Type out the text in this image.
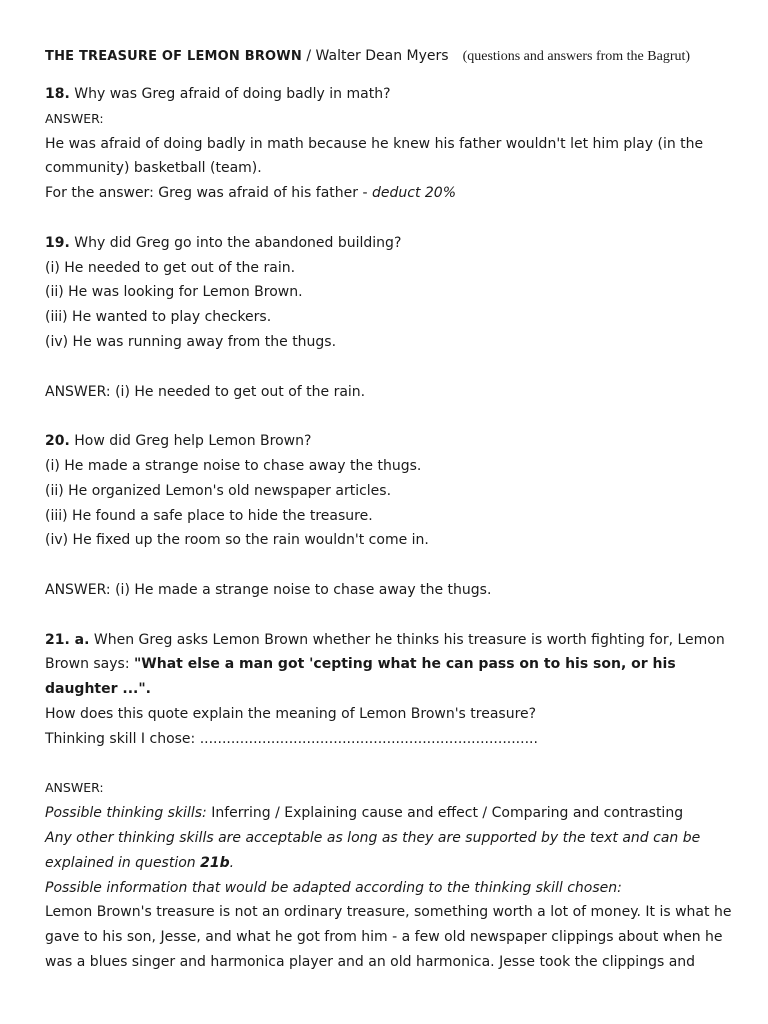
THE TREASURE OF LEMON BROWN / Walter Dean Myers (questions and answers from the Bagrut)
18. Why was Greg afraid of doing badly in math?
ANSWER:
He was afraid of doing badly in math because he knew his father wouldn't let him play (in the
community) basketball (team).
For the answer: Greg was afraid of his father - deduct 20%
19. Why did Greg go into the abandoned building?
(i) He needed to get out of the rain.
(ii) He was looking for Lemon Brown.
(iii) He wanted to play checkers.
(iv) He was running away from the thugs.
ANSWER: (i) He needed to get out of the rain.
20. How did Greg help Lemon Brown?
(i) He made a strange noise to chase away the thugs.
(ii) He organized Lemon's old newspaper articles.
(iii) He found a safe place to hide the treasure.
(iv) He fixed up the room so the rain wouldn't come in.
ANSWER: (i) He made a strange noise to chase away the thugs.
21. a. When Greg asks Lemon Brown whether he thinks his treasure is worth fighting for, Lemon
Brown says: "What else a man got 'cepting what he can pass on to his son, or his
daughter ...".
How does this quote explain the meaning of Lemon Brown's treasure?
Thinking skill I chose: ............................................................................
ANSWER:
Possible thinking skills: Inferring / Explaining cause and effect / Comparing and contrasting
Any other thinking skills are acceptable as long as they are supported by the text and can be
explained in question 21b.
Possible information that would be adapted according to the thinking skill chosen:
Lemon Brown's treasure is not an ordinary treasure, something worth a lot of money. It is what he
gave to his son, Jesse, and what he got from him - a few old newspaper clippings about when he
was a blues singer and harmonica player and an old harmonica. Jesse took the clippings and
